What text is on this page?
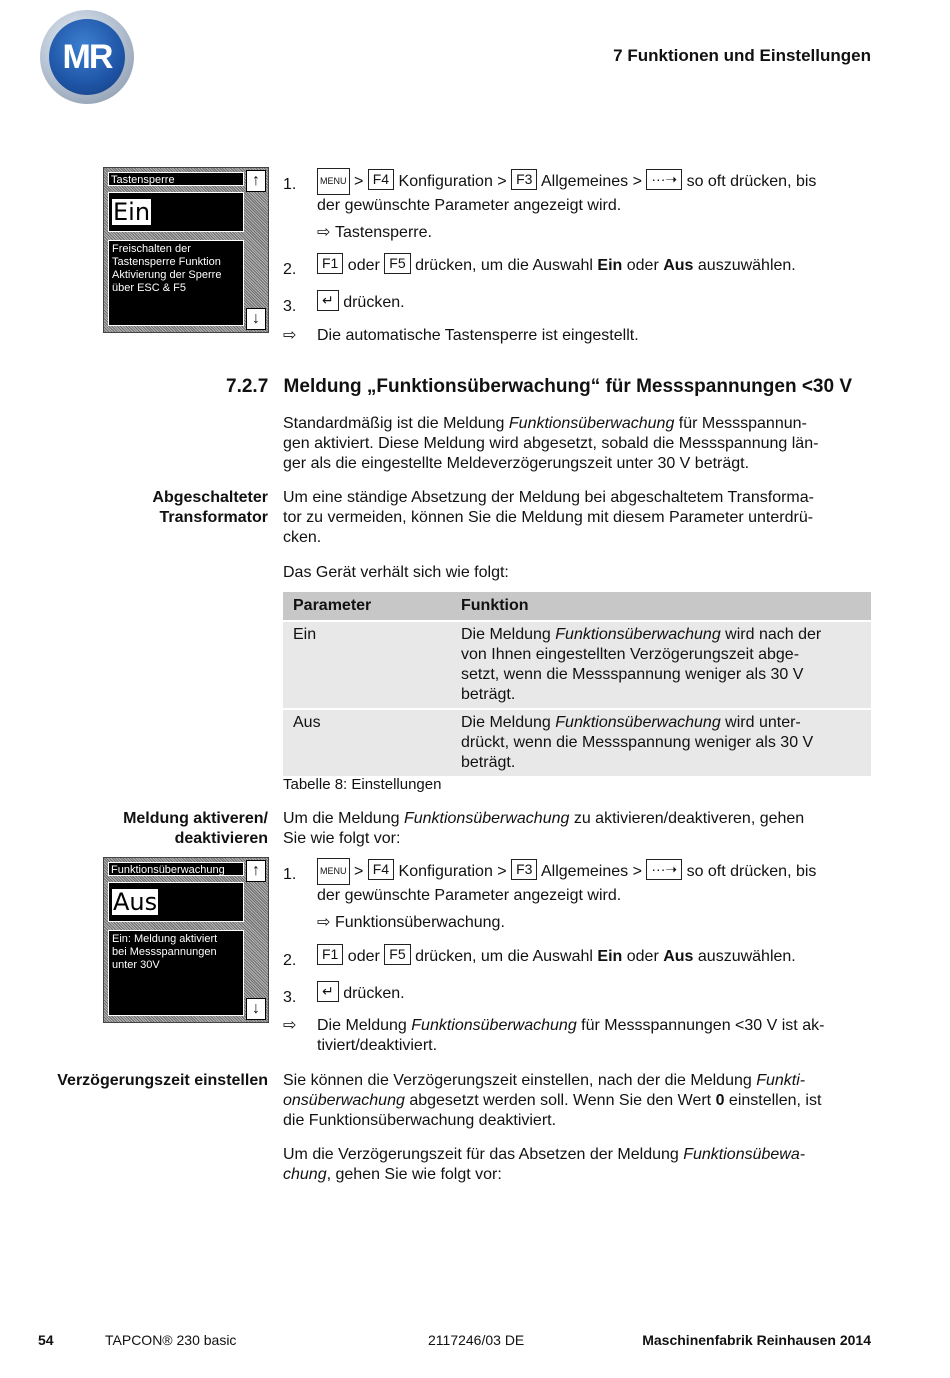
MR	7 Funktionen und Einstellungen
Tastensperre
Ein
Freischalten der
Tastensperre Funktion
Aktivierung der Sperre
über ESC & F5
↑
↓
1.	MENU > F4 Konfiguration > F3 Allgemeines > ···➝ so oft drücken, bis
der gewünschte Parameter angezeigt wird.
⇨ Tastensperre.
2.	F1 oder F5 drücken, um die Auswahl Ein oder Aus auszuwählen.
3.	↵ drücken.
⇨ Die automatische Tastensperre ist eingestellt.
7.2.7 Meldung „Funktionsüberwachung“ für Messspannungen <30 V
Standardmäßig ist die Meldung Funktionsüberwachung für Messspannun-
gen aktiviert. Diese Meldung wird abgesetzt, sobald die Messspannung län-
ger als die eingestellte Meldeverzögerungszeit unter 30 V beträgt.
Abgeschalteter
Transformator
Um eine ständige Absetzung der Meldung bei abgeschaltetem Transforma-
tor zu vermeiden, können Sie die Meldung mit diesem Parameter unterdrü-
cken.
Das Gerät verhält sich wie folgt:
Parameter	Funktion
Ein	Die Meldung Funktionsüberwachung wird nach der
von Ihnen eingestellten Verzögerungszeit abge-
setzt, wenn die Messspannung weniger als 30 V
beträgt.

Aus	Die Meldung Funktionsüberwachung wird unter-
drückt, wenn die Messspannung weniger als 30 V
beträgt.
Tabelle 8: Einstellungen
Meldung aktiveren/
deaktivieren
Um die Meldung Funktionsüberwachung zu aktivieren/deaktiveren, gehen
Sie wie folgt vor:
Funktionsüberwachung
Aus
Ein: Meldung aktiviert
bei Messspannungen
unter 30V
↑
↓
1.	MENU > F4 Konfiguration > F3 Allgemeines > ···➝ so oft drücken, bis
der gewünschte Parameter angezeigt wird.
⇨ Funktionsüberwachung.
2.	F1 oder F5 drücken, um die Auswahl Ein oder Aus auszuwählen.
3.	↵ drücken.
⇨ Die Meldung Funktionsüberwachung für Messspannungen <30 V ist ak-
tiviert/deaktiviert.
Verzögerungszeit einstellen Sie können die Verzögerungszeit einstellen, nach der die Meldung Funkti-
onsüberwachung abgesetzt werden soll. Wenn Sie den Wert 0 einstellen, ist
die Funktionsüberwachung deaktiviert.
Um die Verzögerungszeit für das Absetzen der Meldung Funktionsübewa-
chung, gehen Sie wie folgt vor:
54	TAPCON® 230 basic	2117246/03 DE	Maschinenfabrik Reinhausen 2014
